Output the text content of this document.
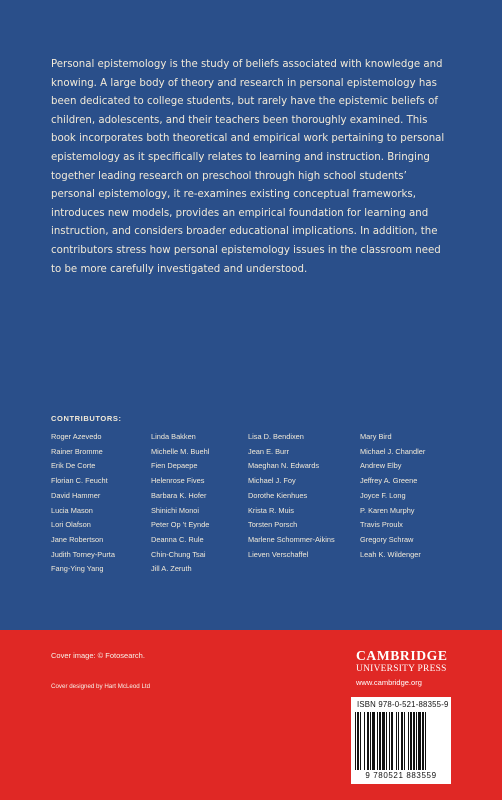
Personal epistemology is the study of beliefs associated with knowledge and knowing. A large body of theory and research in personal epistemology has been dedicated to college students, but rarely have the epistemic beliefs of children, adolescents, and their teachers been thoroughly examined. This book incorporates both theoretical and empirical work pertaining to personal epistemology as it specifically relates to learning and instruction. Bringing together leading research on preschool through high school students’ personal epistemology, it re-examines existing conceptual frameworks, introduces new models, provides an empirical foundation for learning and instruction, and considers broader educational implications. In addition, the contributors stress how personal epistemology issues in the classroom need to be more carefully investigated and understood.

CONTRIBUTORS:
Roger Azevedo
Rainer Bromme
Erik De Corte
Florian C. Feucht
David Hammer
Lucia Mason
Lori Olafson
Jane Robertson
Judith Torney-Purta
Fang-Ying Yang
Linda Bakken
Michelle M. Buehl
Fien Depaepe
Helenrose Fives
Barbara K. Hofer
Shinichi Monoi
Peter Op ’t Eynde
Deanna C. Rule
Chin-Chung Tsai
Jill A. Zeruth
Lisa D. Bendixen
Jean E. Burr
Maeghan N. Edwards
Michael J. Foy
Dorothe Kienhues
Krista R. Muis
Torsten Porsch
Marlene Schommer-Aikins
Lieven Verschaffel
Mary Bird
Michael J. Chandler
Andrew Elby
Jeffrey A. Greene
Joyce F. Long
P. Karen Murphy
Travis Proulx
Gregory Schraw
Leah K. Wildenger
Cover image: © Fotosearch.
Cover designed by Hart McLeod Ltd
CAMBRIDGE
UNIVERSITY PRESS
www.cambridge.org
ISBN 978-0-521-88355-9
9 780521 883559
